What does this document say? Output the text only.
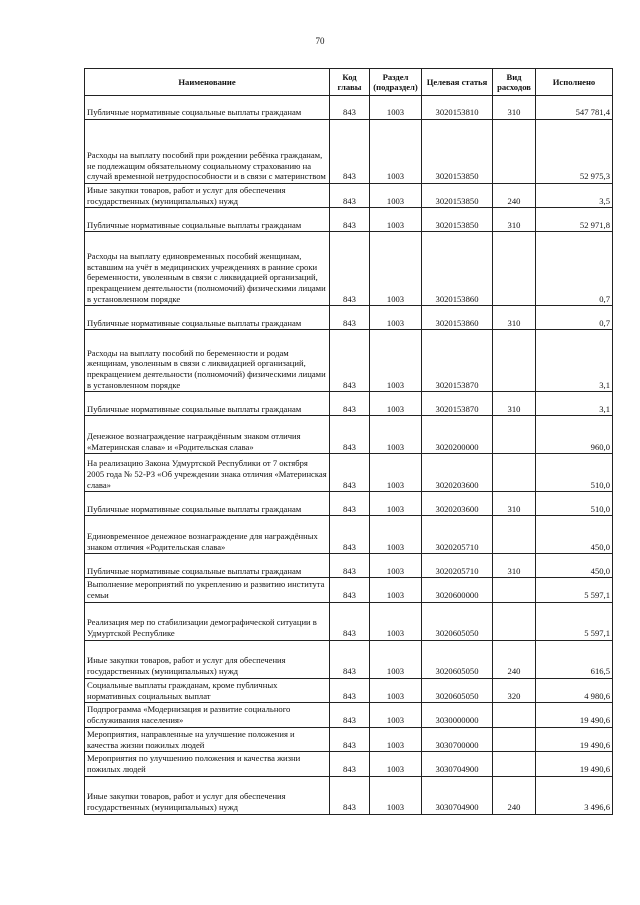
70
Наименование	Код главы	Раздел (подраздел)	Целевая статья	Вид расходов	Исполнено
Публичные нормативные социальные выплаты гражданам	843	1003	3020153810	310	547 781,4
Расходы на выплату пособий при рождении ребёнка гражданам, не подлежащим обязательному социальному страхованию на случай временной нетрудоспособности и в связи с материнством	843	1003	3020153850		52 975,3
Иные закупки товаров, работ и услуг для обеспечения государственных (муниципальных) нужд	843	1003	3020153850	240	3,5
Публичные нормативные социальные выплаты гражданам	843	1003	3020153850	310	52 971,8
Расходы на выплату единовременных пособий женщинам, вставшим на учёт в медицинских учреждениях в ранние сроки беременности, уволенным в связи с ликвидацией организаций, прекращением деятельности (полномочий) физическими лицами в установленном порядке	843	1003	3020153860		0,7
Публичные нормативные социальные выплаты гражданам	843	1003	3020153860	310	0,7
Расходы на выплату пособий по беременности и родам женщинам, уволенным в связи с ликвидацией организаций, прекращением деятельности (полномочий) физическими лицами в установленном порядке	843	1003	3020153870		3,1
Публичные нормативные социальные выплаты гражданам	843	1003	3020153870	310	3,1
Денежное вознаграждение награждённым знаком отличия «Материнская слава» и «Родительская слава»	843	1003	3020200000		960,0
На реализацию Закона Удмуртской Республики от 7 октября 2005 года № 52-РЗ «Об учреждении знака отличия «Материнская слава»	843	1003	3020203600		510,0
Публичные нормативные социальные выплаты гражданам	843	1003	3020203600	310	510,0
Единовременное денежное вознаграждение для награждённых знаком отличия «Родительская слава»	843	1003	3020205710		450,0
Публичные нормативные социальные выплаты гражданам	843	1003	3020205710	310	450,0
Выполнение мероприятий по укреплению и развитию института семьи	843	1003	3020600000		5 597,1
Реализация мер по стабилизации демографической ситуации в Удмуртской Республике	843	1003	3020605050		5 597,1
Иные закупки товаров, работ и услуг для обеспечения государственных (муниципальных) нужд	843	1003	3020605050	240	616,5
Социальные выплаты гражданам, кроме публичных нормативных социальных выплат	843	1003	3020605050	320	4 980,6
Подпрограмма «Модернизация и развитие социального обслуживания населения»	843	1003	3030000000		19 490,6
Мероприятия, направленные на улучшение положения и качества жизни пожилых людей	843	1003	3030700000		19 490,6
Мероприятия по улучшению положения и качества жизни пожилых людей	843	1003	3030704900		19 490,6
Иные закупки товаров, работ и услуг для обеспечения государственных (муниципальных) нужд	843	1003	3030704900	240	3 496,6
